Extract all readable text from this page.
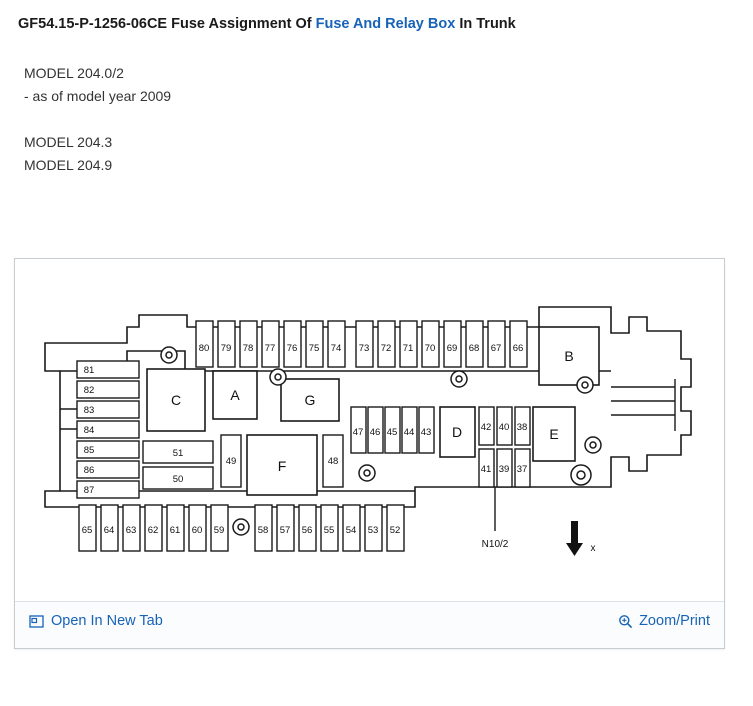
GF54.15-P-1256-06CE Fuse Assignment Of Fuse And Relay Box In Trunk
MODEL 204.0/2
- as of model year 2009

MODEL 204.3
MODEL 204.9
80 79 78 77 76 75 74 73 72 71 70 69 68 67 66
81
82
83
84
85
86
87
C	A	G
B
E
D
F
51
50
49	48
47 46 45 44 43	42 40 38
41 39 37
65 64 63 62 61 60 59	58 57 56 55 54 53 52
N10/2	x
Open In New Tab	Zoom/Print
